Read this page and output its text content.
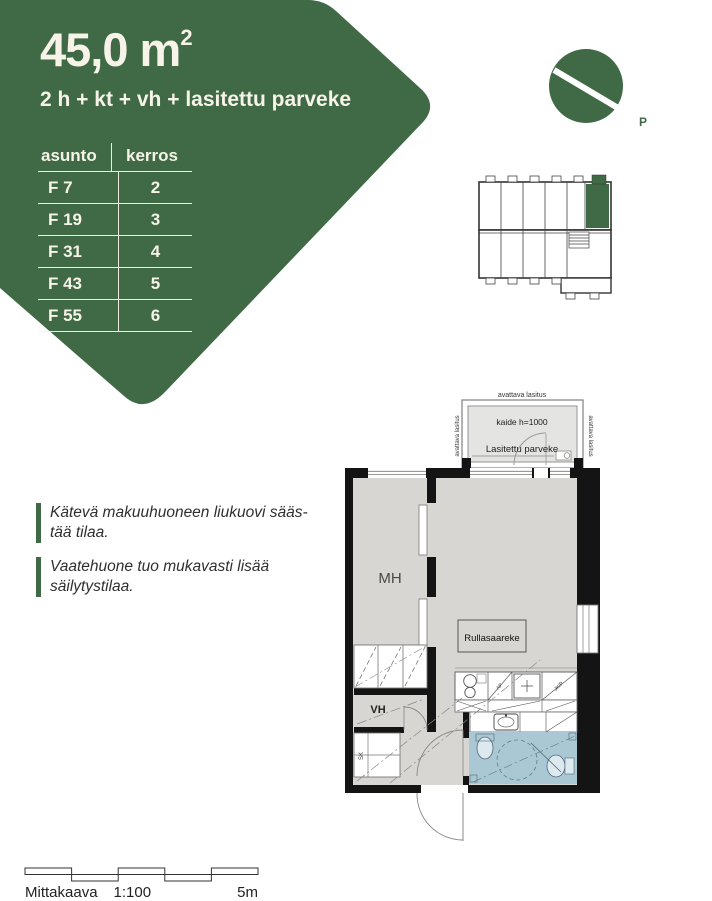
45,0 $m^2$
2 h + kt + vh + lasitettu parveke
asunto	kerros
F 7	2
F 19	3
F 31	4
F 43	5
F 55	6
P
Kätevä makuuhuoneen liukuovi sääs-
tää tilaa.
Vaatehuone tuo mukavasti lisää
säilytystilaa.
avattava lasitus
avattava lasitus	avattava lasitus
kaide h=1000
Lasitettu parveke
SK
AP	JK/P
MH
VH
Rullasaareke
Mittakaava 1:100	5m
